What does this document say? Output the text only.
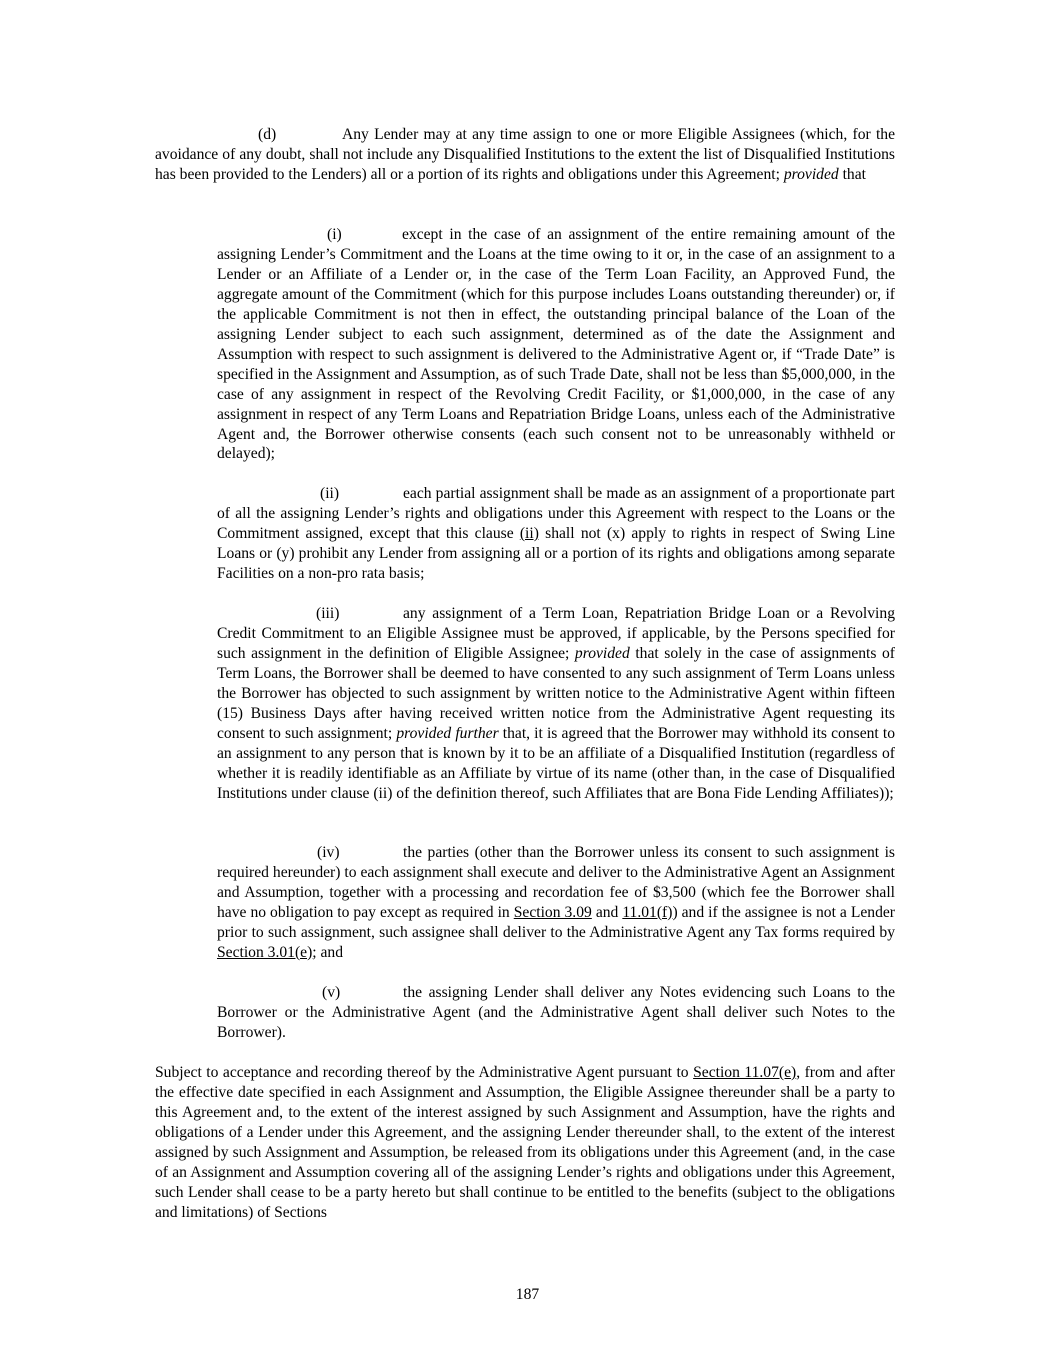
(d)	Any Lender may at any time assign to one or more Eligible Assignees (which, for the avoidance of any doubt, shall not include any Disqualified Institutions to the extent the list of Disqualified Institutions has been provided to the Lenders) all or a portion of its rights and obligations under this Agreement; provided that

(i)	except in the case of an assignment of the entire remaining amount of the assigning Lender’s Commitment and the Loans at the time owing to it or, in the case of an assignment to a Lender or an Affiliate of a Lender or, in the case of the Term Loan Facility, an Approved Fund, the aggregate amount of the Commitment (which for this purpose includes Loans outstanding thereunder) or, if the applicable Commitment is not then in effect, the outstanding principal balance of the Loan of the assigning Lender subject to each such assignment, determined as of the date the Assignment and Assumption with respect to such assignment is delivered to the Administrative Agent or, if “Trade Date” is specified in the Assignment and Assumption, as of such Trade Date, shall not be less than $5,000,000, in the case of any assignment in respect of the Revolving Credit Facility, or $1,000,000, in the case of any assignment in respect of any Term Loans and Repatriation Bridge Loans, unless each of the Administrative Agent and, the Borrower otherwise consents (each such consent not to be unreasonably withheld or delayed);

(ii)	each partial assignment shall be made as an assignment of a proportionate part of all the assigning Lender’s rights and obligations under this Agreement with respect to the Loans or the Commitment assigned, except that this clause (ii) shall not (x) apply to rights in respect of Swing Line Loans or (y) prohibit any Lender from assigning all or a portion of its rights and obligations among separate Facilities on a non-pro rata basis;

(iii)	any assignment of a Term Loan, Repatriation Bridge Loan or a Revolving Credit Commitment to an Eligible Assignee must be approved, if applicable, by the Persons specified for such assignment in the definition of Eligible Assignee; provided that solely in the case of assignments of Term Loans, the Borrower shall be deemed to have consented to any such assignment of Term Loans unless the Borrower has objected to such assignment by written notice to the Administrative Agent within fifteen (15) Business Days after having received written notice from the Administrative Agent requesting its consent to such assignment; provided further that, it is agreed that the Borrower may withhold its consent to an assignment to any person that is known by it to be an affiliate of a Disqualified Institution (regardless of whether it is readily identifiable as an Affiliate by virtue of its name (other than, in the case of Disqualified Institutions under clause (ii) of the definition thereof, such Affiliates that are Bona Fide Lending Affiliates));

(iv)	the parties (other than the Borrower unless its consent to such assignment is required hereunder) to each assignment shall execute and deliver to the Administrative Agent an Assignment and Assumption, together with a processing and recordation fee of $3,500 (which fee the Borrower shall have no obligation to pay except as required in Section 3.09 and 11.01(f)) and if the assignee is not a Lender prior to such assignment, such assignee shall deliver to the Administrative Agent any Tax forms required by Section 3.01(e); and

(v)	the assigning Lender shall deliver any Notes evidencing such Loans to the Borrower or the Administrative Agent (and the Administrative Agent shall deliver such Notes to the Borrower).

Subject to acceptance and recording thereof by the Administrative Agent pursuant to Section 11.07(e), from and after the effective date specified in each Assignment and Assumption, the Eligible Assignee thereunder shall be a party to this Agreement and, to the extent of the interest assigned by such Assignment and Assumption, have the rights and obligations of a Lender under this Agreement, and the assigning Lender thereunder shall, to the extent of the interest assigned by such Assignment and Assumption, be released from its obligations under this Agreement (and, in the case of an Assignment and Assumption covering all of the assigning Lender’s rights and obligations under this Agreement, such Lender shall cease to be a party hereto but shall continue to be entitled to the benefits (subject to the obligations and limitations) of Sections

187
